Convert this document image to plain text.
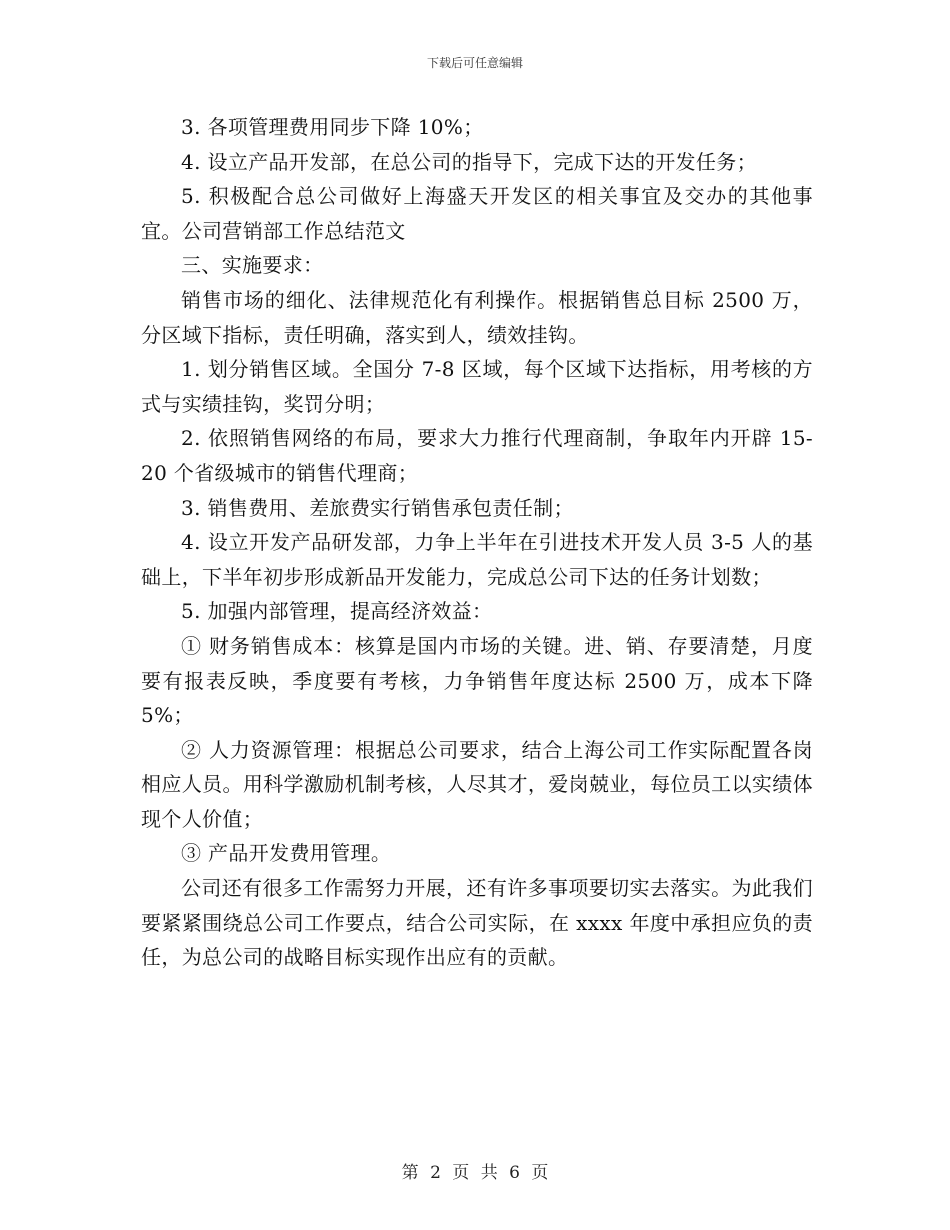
下载后可任意编辑

3. 各项管理费用同步下降 10%；

4. 设立产品开发部，在总公司的指导下，完成下达的开发任务；

5. 积极配合总公司做好上海盛天开发区的相关事宜及交办的其他事宜。公司营销部工作总结范文

三、实施要求：

销售市场的细化、法律规范化有利操作。根据销售总目标 2500 万，分区域下指标，责任明确，落实到人，绩效挂钩。

1. 划分销售区域。全国分 7-8 区域，每个区域下达指标，用考核的方式与实绩挂钩，奖罚分明；

2. 依照销售网络的布局，要求大力推行代理商制，争取年内开辟 15-20 个省级城市的销售代理商；

3. 销售费用、差旅费实行销售承包责任制；

4. 设立开发产品研发部，力争上半年在引进技术开发人员 3-5 人的基础上，下半年初步形成新品开发能力，完成总公司下达的任务计划数；

5. 加强内部管理，提高经济效益：

① 财务销售成本：核算是国内市场的关键。进、销、存要清楚，月度要有报表反映，季度要有考核，力争销售年度达标 2500 万，成本下降 5%；

② 人力资源管理：根据总公司要求，结合上海公司工作实际配置各岗相应人员。用科学激励机制考核，人尽其才，爱岗兢业，每位员工以实绩体现个人价值；

③ 产品开发费用管理。

公司还有很多工作需努力开展，还有许多事项要切实去落实。为此我们要紧紧围绕总公司工作要点，结合公司实际，在 xxxx 年度中承担应负的责任，为总公司的战略目标实现作出应有的贡献。

第 2 页 共 6 页
